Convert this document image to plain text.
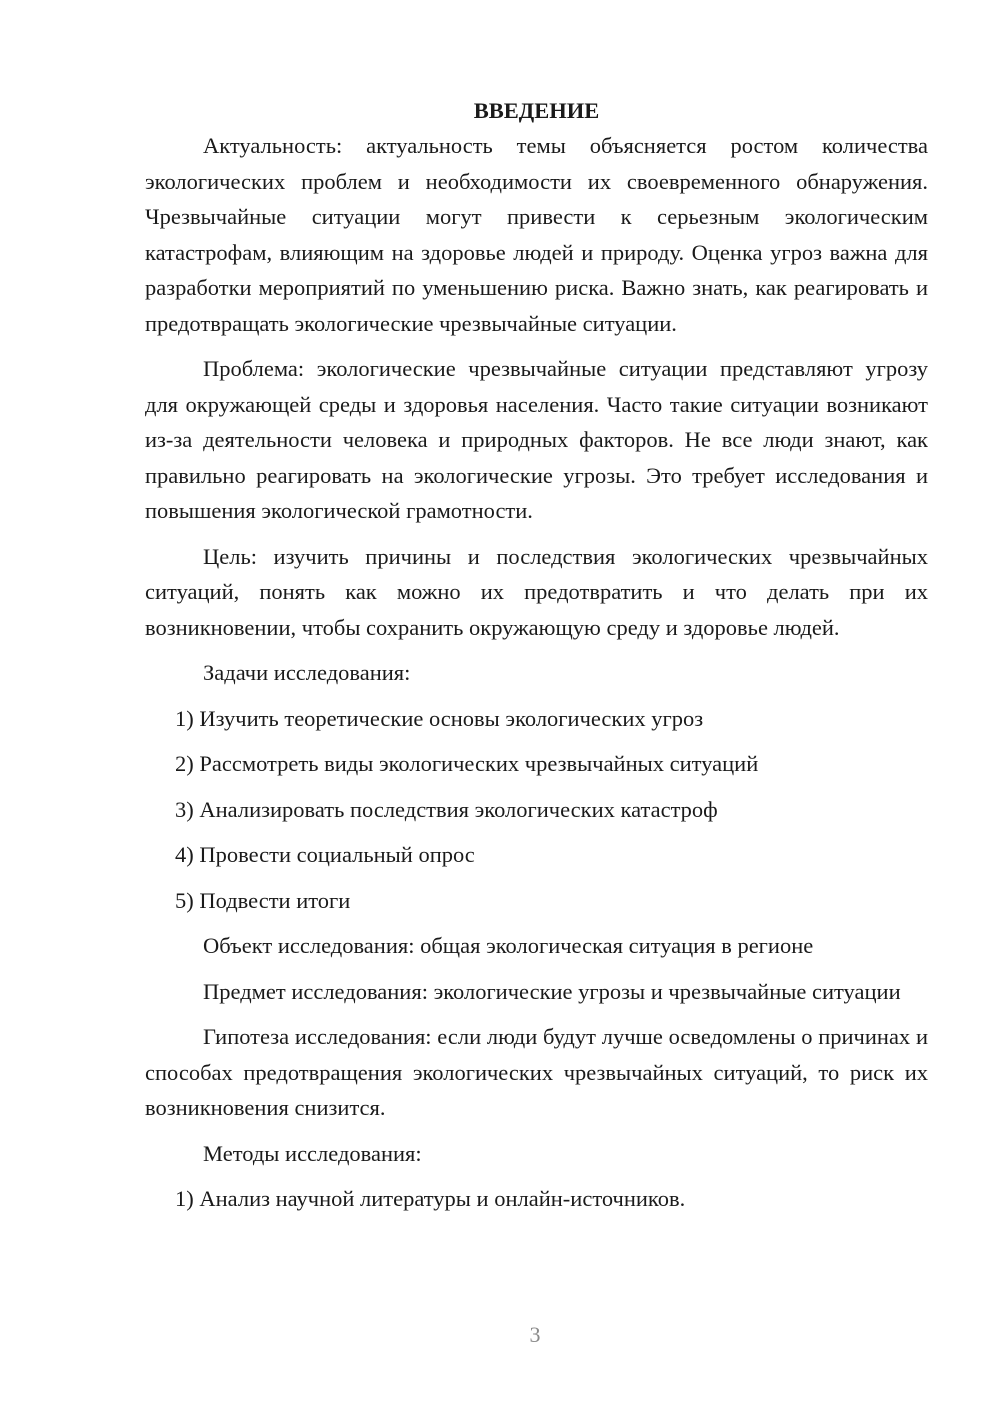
ВВЕДЕНИЕ

Актуальность: актуальность темы объясняется ростом количества экологических проблем и необходимости их своевременного обнаружения. Чрезвычайные ситуации могут привести к серьезным экологическим катастрофам, влияющим на здоровье людей и природу. Оценка угроз важна для разработки мероприятий по уменьшению риска. Важно знать, как реагировать и предотвращать экологические чрезвычайные ситуации.

Проблема: экологические чрезвычайные ситуации представляют угрозу для окружающей среды и здоровья населения. Часто такие ситуации возникают из-за деятельности человека и природных факторов. Не все люди знают, как правильно реагировать на экологические угрозы. Это требует исследования и повышения экологической грамотности.

Цель: изучить причины и последствия экологических чрезвычайных ситуаций, понять как можно их предотвратить и что делать при их возникновении, чтобы сохранить окружающую среду и здоровье людей.

Задачи исследования:

1) Изучить теоретические основы экологических угроз

2) Рассмотреть виды экологических чрезвычайных ситуаций

3) Анализировать последствия экологических катастроф

4) Провести социальный опрос

5) Подвести итоги

Объект исследования: общая экологическая ситуация в регионе

Предмет исследования: экологические угрозы и чрезвычайные ситуации

Гипотеза исследования: если люди будут лучше осведомлены о причинах и способах предотвращения экологических чрезвычайных ситуаций, то риск их возникновения снизится.

Методы исследования:

1) Анализ научной литературы и онлайн-источников.

3
